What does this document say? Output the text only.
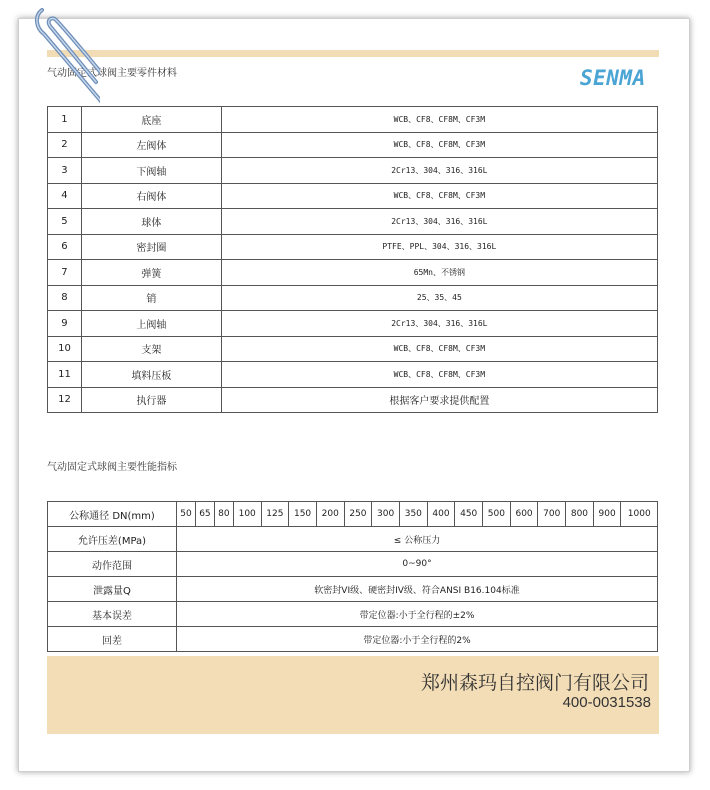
气动固定式球阀主要零件材料	SENMA
1	底座	WCB、CF8、CF8M、CF3M
2	左阀体	WCB、CF8、CF8M、CF3M
3	下阀轴	2Cr13、304、316、316L
4	右阀体	WCB、CF8、CF8M、CF3M
5	球体	2Cr13、304、316、316L
6	密封圈	PTFE、PPL、304、316、316L
7	弹簧	65Mn、不锈钢
8	销	25、35、45
9	上阀轴	2Cr13、304、316、316L
10	支架	WCB、CF8、CF8M、CF3M
11	填料压板	WCB、CF8、CF8M、CF3M
12	执行器	根据客户要求提供配置
气动固定式球阀主要性能指标
公称通径 DN(mm)	50	65	80	100	125	150	200	250	300	350	400	450	500	600	700	800	900	1000
允许压差(MPa)	≤ 公称压力																	
动作范围	0~90°																	
泄露量Q	软密封VI级、硬密封IV级、符合ANSI B16.104标准																	
基本误差	带定位器:小于全行程的±2%																	
回差	带定位器:小于全行程的2%																	
郑州森玛自控阀门有限公司
400-0031538
